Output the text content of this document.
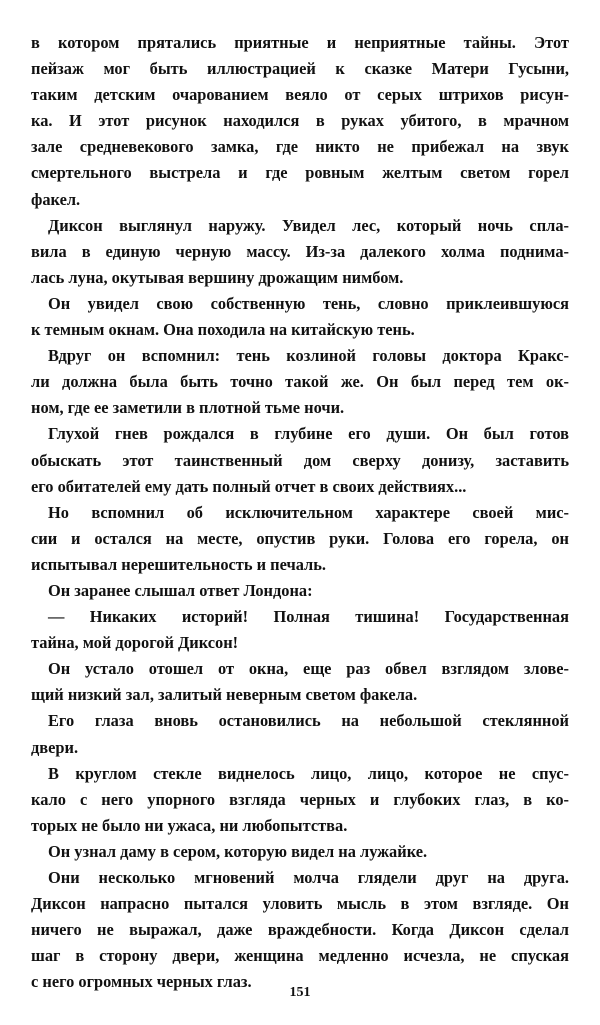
в котором прятались приятные и неприятные тайны. Этот
пейзаж мог быть иллюстрацией к сказке Матери Гусыни,
таким детским очарованием веяло от серых штрихов рисун-
ка. И этот рисунок находился в руках убитого, в мрачном
зале средневекового замка, где никто не прибежал на звук
смертельного выстрела и где ровным желтым светом горел
факел.
Диксон выглянул наружу. Увидел лес, который ночь спла-
вила в единую черную массу. Из-за далекого холма поднима-
лась луна, окутывая вершину дрожащим нимбом.
Он увидел свою собственную тень, словно приклеившуюся
к темным окнам. Она походила на китайскую тень.
Вдруг он вспомнил: тень козлиной головы доктора Кракс-
ли должна была быть точно такой же. Он был перед тем ок-
ном, где ее заметили в плотной тьме ночи.
Глухой гнев рождался в глубине его души. Он был готов
обыскать этот таинственный дом сверху донизу, заставить
его обитателей ему дать полный отчет в своих действиях...
Но вспомнил об исключительном характере своей мис-
сии и остался на месте, опустив руки. Голова его горела, он
испытывал нерешительность и печаль.
Он заранее слышал ответ Лондона:
— Никаких историй! Полная тишина! Государственная
тайна, мой дорогой Диксон!
Он устало отошел от окна, еще раз обвел взглядом злове-
щий низкий зал, залитый неверным светом факела.
Его глаза вновь остановились на небольшой стеклянной
двери.
В круглом стекле виднелось лицо, лицо, которое не спус-
кало с него упорного взгляда черных и глубоких глаз, в ко-
торых не было ни ужаса, ни любопытства.
Он узнал даму в сером, которую видел на лужайке.
Они несколько мгновений молча глядели друг на друга.
Диксон напрасно пытался уловить мысль в этом взгляде. Он
ничего не выражал, даже враждебности. Когда Диксон сделал
шаг в сторону двери, женщина медленно исчезла, не спуская
с него огромных черных глаз.
151
